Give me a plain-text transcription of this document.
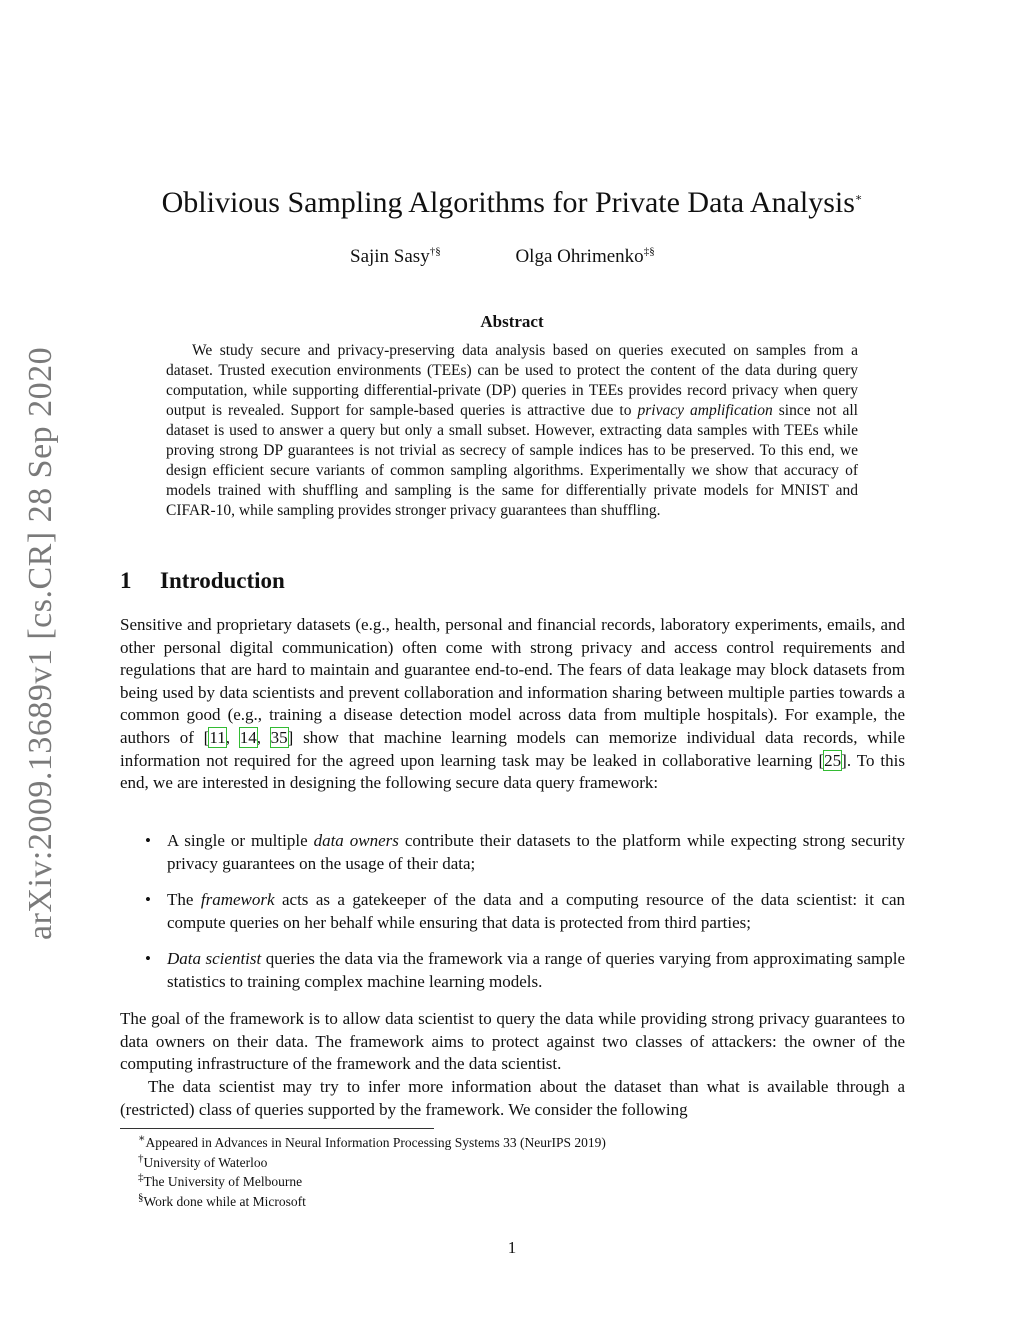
arXiv:2009.13689v1 [cs.CR] 28 Sep 2020
Oblivious Sampling Algorithms for Private Data Analysis∗
Sajin Sasy†§	Olga Ohrimenko‡§
Abstract
We study secure and privacy-preserving data analysis based on queries executed on samples from a dataset. Trusted execution environments (TEEs) can be used to protect the content of the data during query computation, while supporting differential-private (DP) queries in TEEs provides record privacy when query output is revealed. Support for sample-based queries is attractive due to privacy amplification since not all dataset is used to answer a query but only a small subset. However, extracting data samples with TEEs while proving strong DP guarantees is not trivial as secrecy of sample indices has to be preserved. To this end, we design efficient secure variants of common sampling algorithms. Experimentally we show that accuracy of models trained with shuffling and sampling is the same for differentially private models for MNIST and CIFAR-10, while sampling provides stronger privacy guarantees than shuffling.
1 Introduction
Sensitive and proprietary datasets (e.g., health, personal and financial records, laboratory experiments, emails, and other personal digital communication) often come with strong privacy and access control requirements and regulations that are hard to maintain and guarantee end-to-end. The fears of data leakage may block datasets from being used by data scientists and prevent collaboration and information sharing between multiple parties towards a common good (e.g., training a disease detection model across data from multiple hospitals). For example, the authors of [11, 14, 35] show that machine learning models can memorize individual data records, while information not required for the agreed upon learning task may be leaked in collaborative learning [25]. To this end, we are interested in designing the following secure data query framework:
• A single or multiple data owners contribute their datasets to the platform while expecting strong security privacy guarantees on the usage of their data;
• The framework acts as a gatekeeper of the data and a computing resource of the data scientist: it can compute queries on her behalf while ensuring that data is protected from third parties;
• Data scientist queries the data via the framework via a range of queries varying from approximating sample statistics to training complex machine learning models.
The goal of the framework is to allow data scientist to query the data while providing strong privacy guarantees to data owners on their data. The framework aims to protect against two classes of attackers: the owner of the computing infrastructure of the framework and the data scientist.
The data scientist may try to infer more information about the dataset than what is available through a (restricted) class of queries supported by the framework. We consider the following
∗Appeared in Advances in Neural Information Processing Systems 33 (NeurIPS 2019)
†University of Waterloo
‡The University of Melbourne
§Work done while at Microsoft
1
